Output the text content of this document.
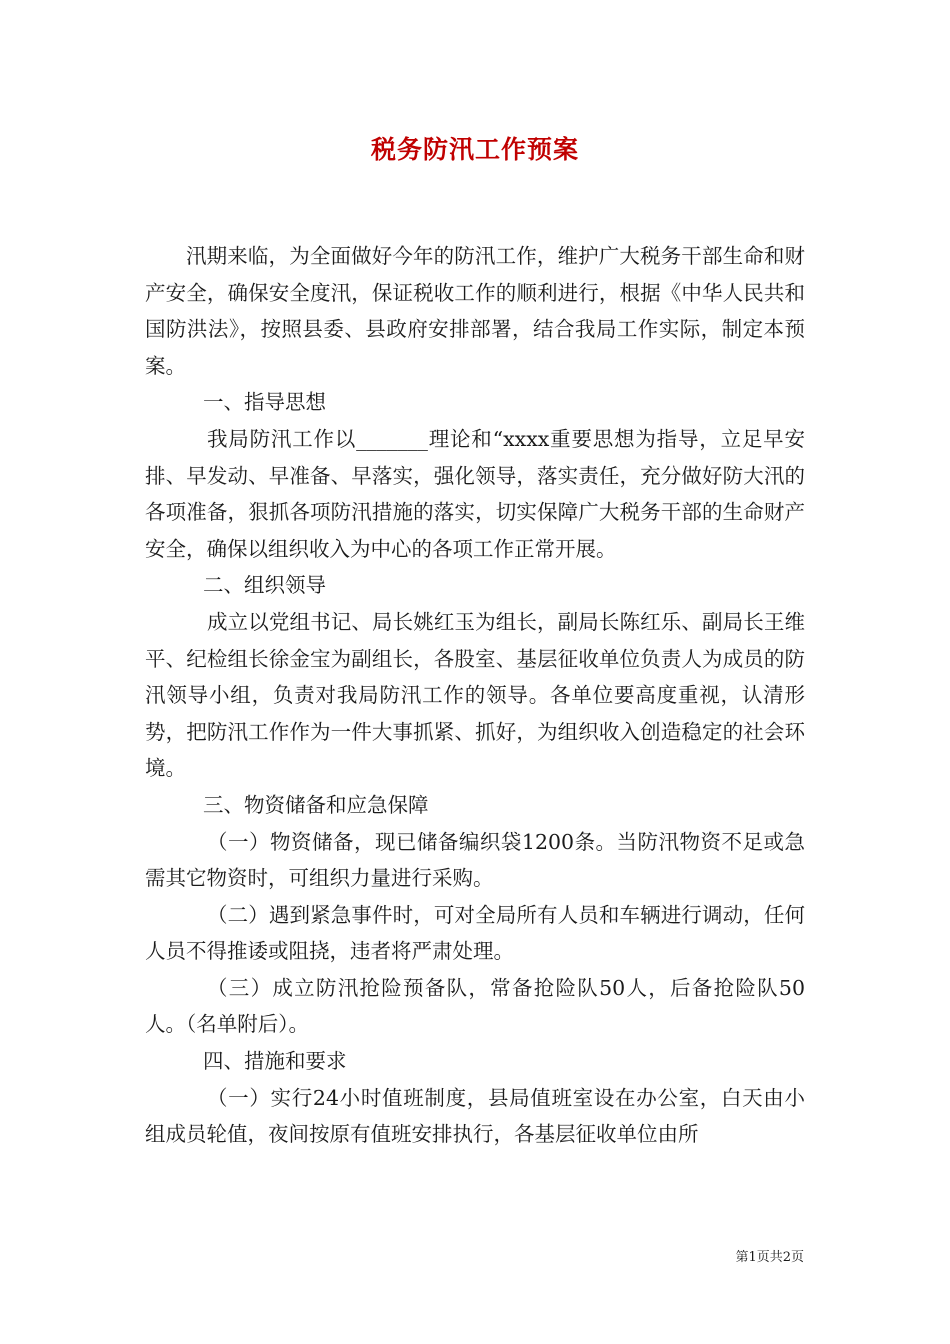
税务防汛工作预案

汛期来临，为全面做好今年的防汛工作，维护广大税务干部生命和财产安全，确保安全度汛，保证税收工作的顺利进行，根据《中华人民共和国防洪法》，按照县委、县政府安排部署，结合我局工作实际，制定本预案。

一、指导思想

我局防汛工作以_______理论和“xxxx重要思想为指导，立足早安排、早发动、早准备、早落实，强化领导，落实责任，充分做好防大汛的各项准备，狠抓各项防汛措施的落实，切实保障广大税务干部的生命财产安全，确保以组织收入为中心的各项工作正常开展。

二、组织领导

成立以党组书记、局长姚红玉为组长，副局长陈红乐、副局长王维平、纪检组长徐金宝为副组长，各股室、基层征收单位负责人为成员的防汛领导小组，负责对我局防汛工作的领导。各单位要高度重视，认清形势，把防汛工作作为一件大事抓紧、抓好，为组织收入创造稳定的社会环境。

三、物资储备和应急保障

（一）物资储备，现已储备编织袋1200条。当防汛物资不足或急需其它物资时，可组织力量进行采购。

（二）遇到紧急事件时，可对全局所有人员和车辆进行调动，任何人员不得推诿或阻挠，违者将严肃处理。

（三）成立防汛抢险预备队，常备抢险队50人，后备抢险队50人。（名单附后）。

四、措施和要求

（一）实行24小时值班制度，县局值班室设在办公室，白天由小组成员轮值，夜间按原有值班安排执行，各基层征收单位由所

第1页共2页
